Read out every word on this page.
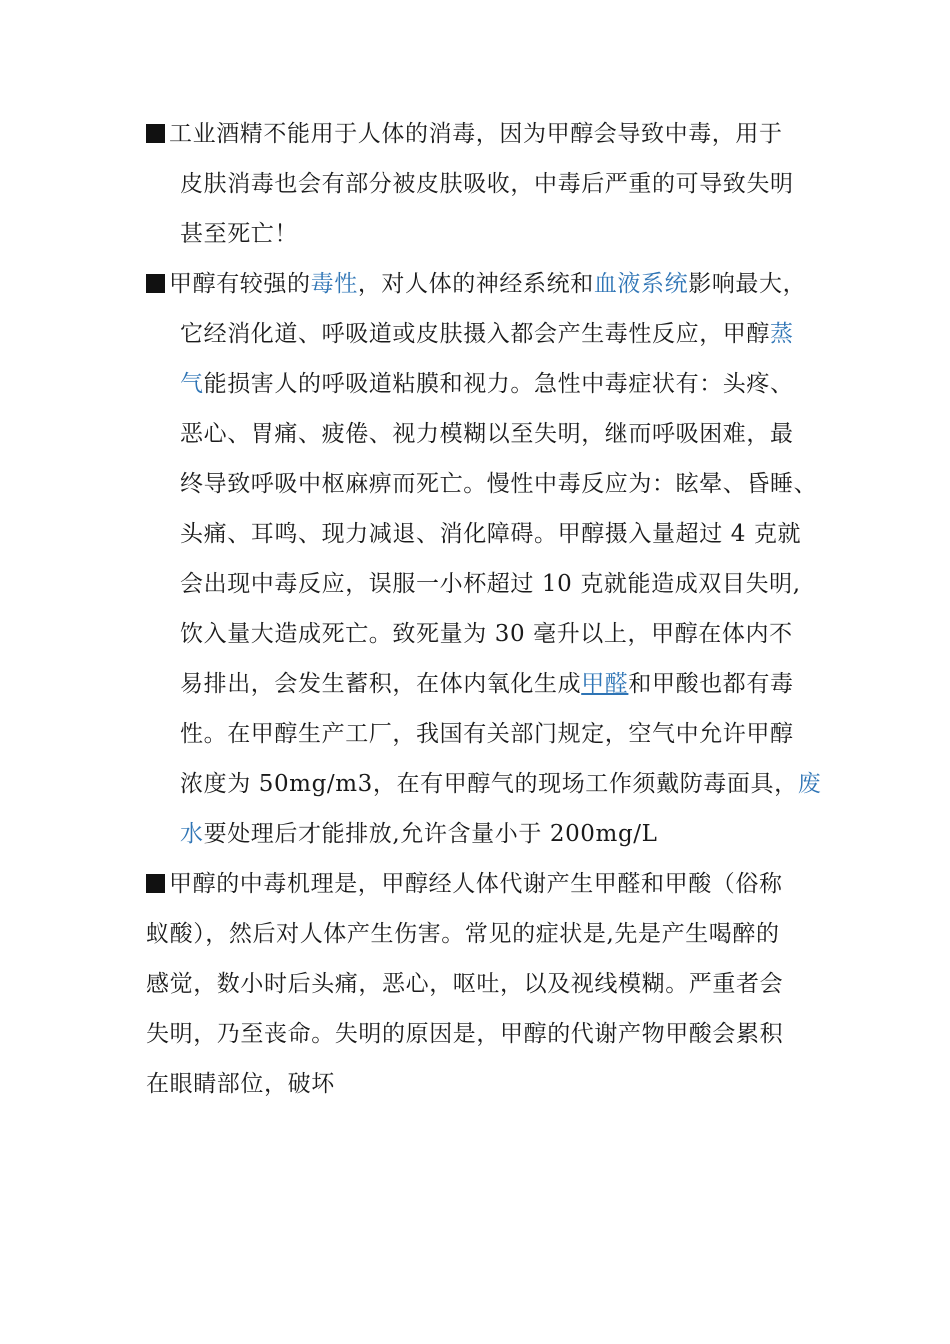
工业酒精不能用于人体的消毒，因为甲醇会导致中毒，用于
皮肤消毒也会有部分被皮肤吸收，中毒后严重的可导致失明
甚至死亡！
甲醇有较强的毒性，对人体的神经系统和血液系统影响最大，
它经消化道、呼吸道或皮肤摄入都会产生毒性反应，甲醇蒸
气能损害人的呼吸道粘膜和视力。急性中毒症状有：头疼、
恶心、胃痛、疲倦、视力模糊以至失明，继而呼吸困难，最
终导致呼吸中枢麻痹而死亡。慢性中毒反应为：眩晕、昏睡、
头痛、耳鸣、现力减退、消化障碍。甲醇摄入量超过 4 克就
会出现中毒反应，误服一小杯超过 10 克就能造成双目失明,
饮入量大造成死亡。致死量为 30 毫升以上，甲醇在体内不
易排出，会发生蓄积，在体内氧化生成甲醛和甲酸也都有毒
性。在甲醇生产工厂，我国有关部门规定，空气中允许甲醇
浓度为 50mg/m3，在有甲醇气的现场工作须戴防毒面具，废
水要处理后才能排放,允许含量小于 200mg/L
甲醇的中毒机理是，甲醇经人体代谢产生甲醛和甲酸（俗称
蚁酸），然后对人体产生伤害。常见的症状是,先是产生喝醉的
感觉，数小时后头痛，恶心，呕吐，以及视线模糊。严重者会
失明，乃至丧命。失明的原因是，甲醇的代谢产物甲酸会累积
在眼睛部位，破坏
